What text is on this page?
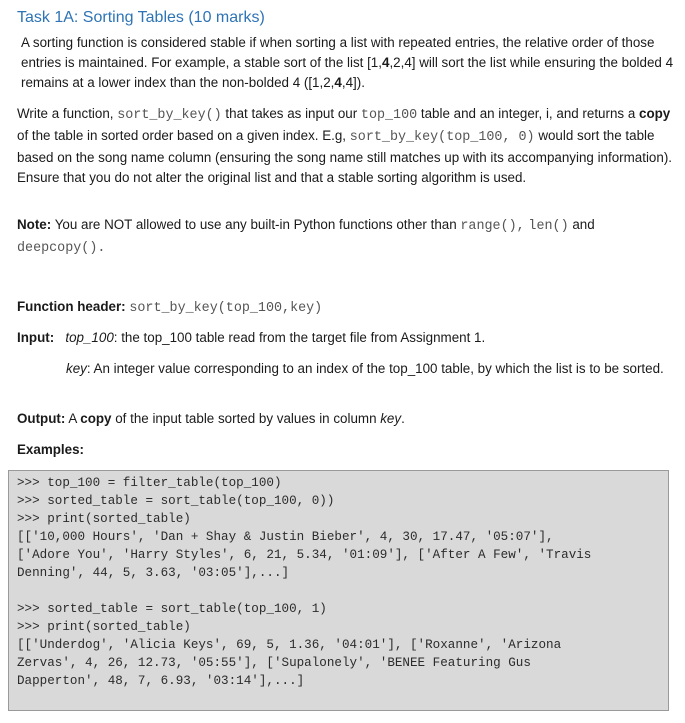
Task 1A: Sorting Tables (10 marks)
A sorting function is considered stable if when sorting a list with repeated entries, the relative order of those entries is maintained. For example, a stable sort of the list [1,4,2,4] will sort the list while ensuring the bolded 4 remains at a lower index than the non-bolded 4 ([1,2,4,4]).
Write a function, sort_by_key() that takes as input our top_100 table and an integer, i, and returns a copy of the table in sorted order based on a given index. E.g, sort_by_key(top_100, 0) would sort the table based on the song name column (ensuring the song name still matches up with its accompanying information). Ensure that you do not alter the original list and that a stable sorting algorithm is used.
Note: You are NOT allowed to use any built-in Python functions other than range(), len() and deepcopy().
Function header: sort_by_key(top_100,key)
Input: top_100: the top_100 table read from the target file from Assignment 1.
key: An integer value corresponding to an index of the top_100 table, by which the list is to be sorted.
Output: A copy of the input table sorted by values in column key.
Examples:
>>> top_100 = filter_table(top_100)
>>> sorted_table = sort_table(top_100, 0))
>>> print(sorted_table)
[['10,000 Hours', 'Dan + Shay & Justin Bieber', 4, 30, 17.47, '05:07'],
['Adore You', 'Harry Styles', 6, 21, 5.34, '01:09'], ['After A Few', 'Travis
Denning', 44, 5, 3.63, '03:05'],...]
>>> sorted_table = sort_table(top_100, 1)
>>> print(sorted_table)
[['Underdog', 'Alicia Keys', 69, 5, 1.36, '04:01'], ['Roxanne', 'Arizona
Zervas', 4, 26, 12.73, '05:55'], ['Supalonely', 'BENEE Featuring Gus
Dapperton', 48, 7, 6.93, '03:14'],...]
